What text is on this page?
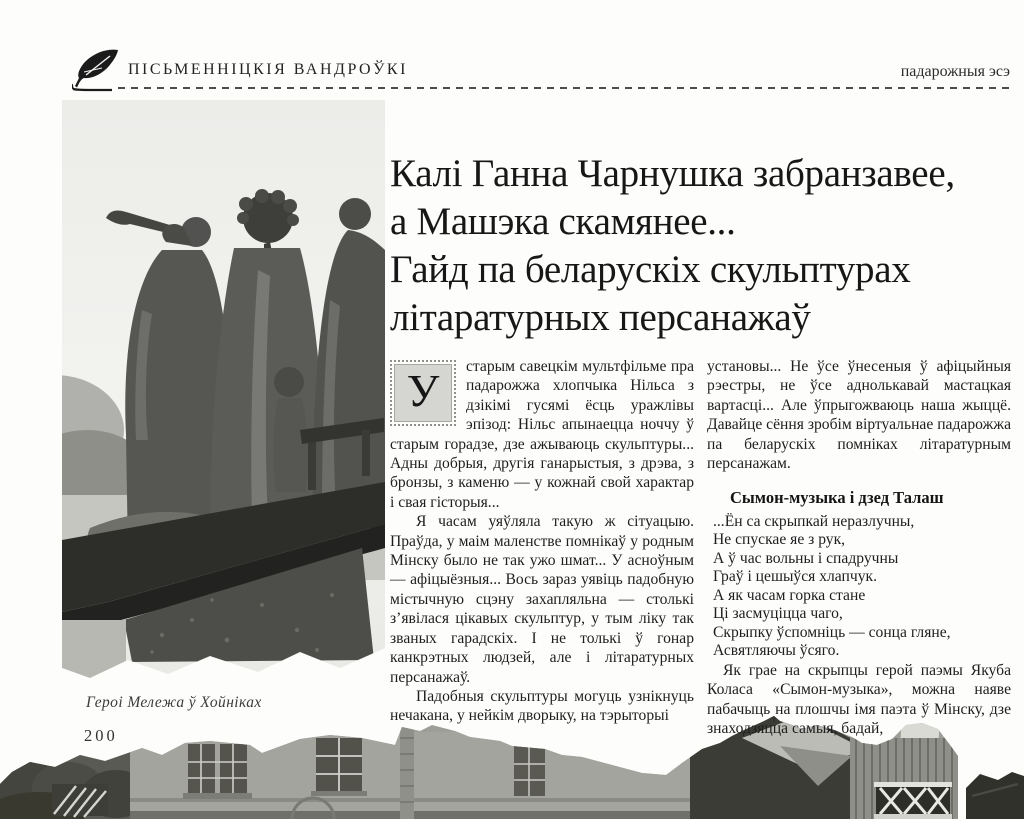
ПІСЬМЕННІЦКІЯ ВАНДРОЎКІ	падарожныя эсэ
Героі Мележа ў Хойніках
200
Калі Ганна Чарнушка забранзавее,
а Машэка скамянее...
Гайд па беларускіх скульптурах
літаратурных персанажаў

У старым савецкім мультфільме пра падарожжа хлопчыка Нільса з дзікімі гусямі ёсць уражлівы эпізод: Нільс апынаецца ноччу ў старым горадзе, дзе ажываюць скульптуры... Адны добрыя, другія ганарыстыя, з дрэва, з бронзы, з каменю — у кожнай свой характар і свая гісторыя...

Я часам уяўляла такую ж сітуацыю. Праўда, у маім маленстве помнікаў у родным Мінску было не так ужо шмат... У асноўным — афіцыёзныя... Вось зараз уявіць падобную містычную сцэну захапляльна — столькі з’явілася цікавых скульптур, у тым ліку так званых гарадскіх. І не толькі ў гонар канкрэтных людзей, але і літаратурных персанажаў.

Падобныя скульптуры могуць узнікнуць нечакана, у нейкім дворыку, на тэрыторыі

установы... Не ўсе ўнесеныя ў афіцыйныя рэестры, не ўсе аднолькавай мастацкая вартасці... Але ўпрыгожваюць наша жыццё. Давайце сёння зробім віртуальнае падарожжа па беларускіх помніках літаратурным персанажам.

Сымон-музыка і дзед Талаш
...Ён са скрыпкай неразлучны,
Не спускае яе з рук,
А ў час вольны і спадручны
Граў і цешыўся хлапчук.
А як часам горка стане
Ці засмуціцца чаго,
Скрыпку ўспомніць — сонца гляне,
Асвятляючы ўсяго.

Як грае на скрыпцы герой паэмы Якуба Коласа «Сымон-музыка», можна наяве пабачыць на плошчы імя паэта ў Мінску, дзе знаходзяцца самыя, бадай,
